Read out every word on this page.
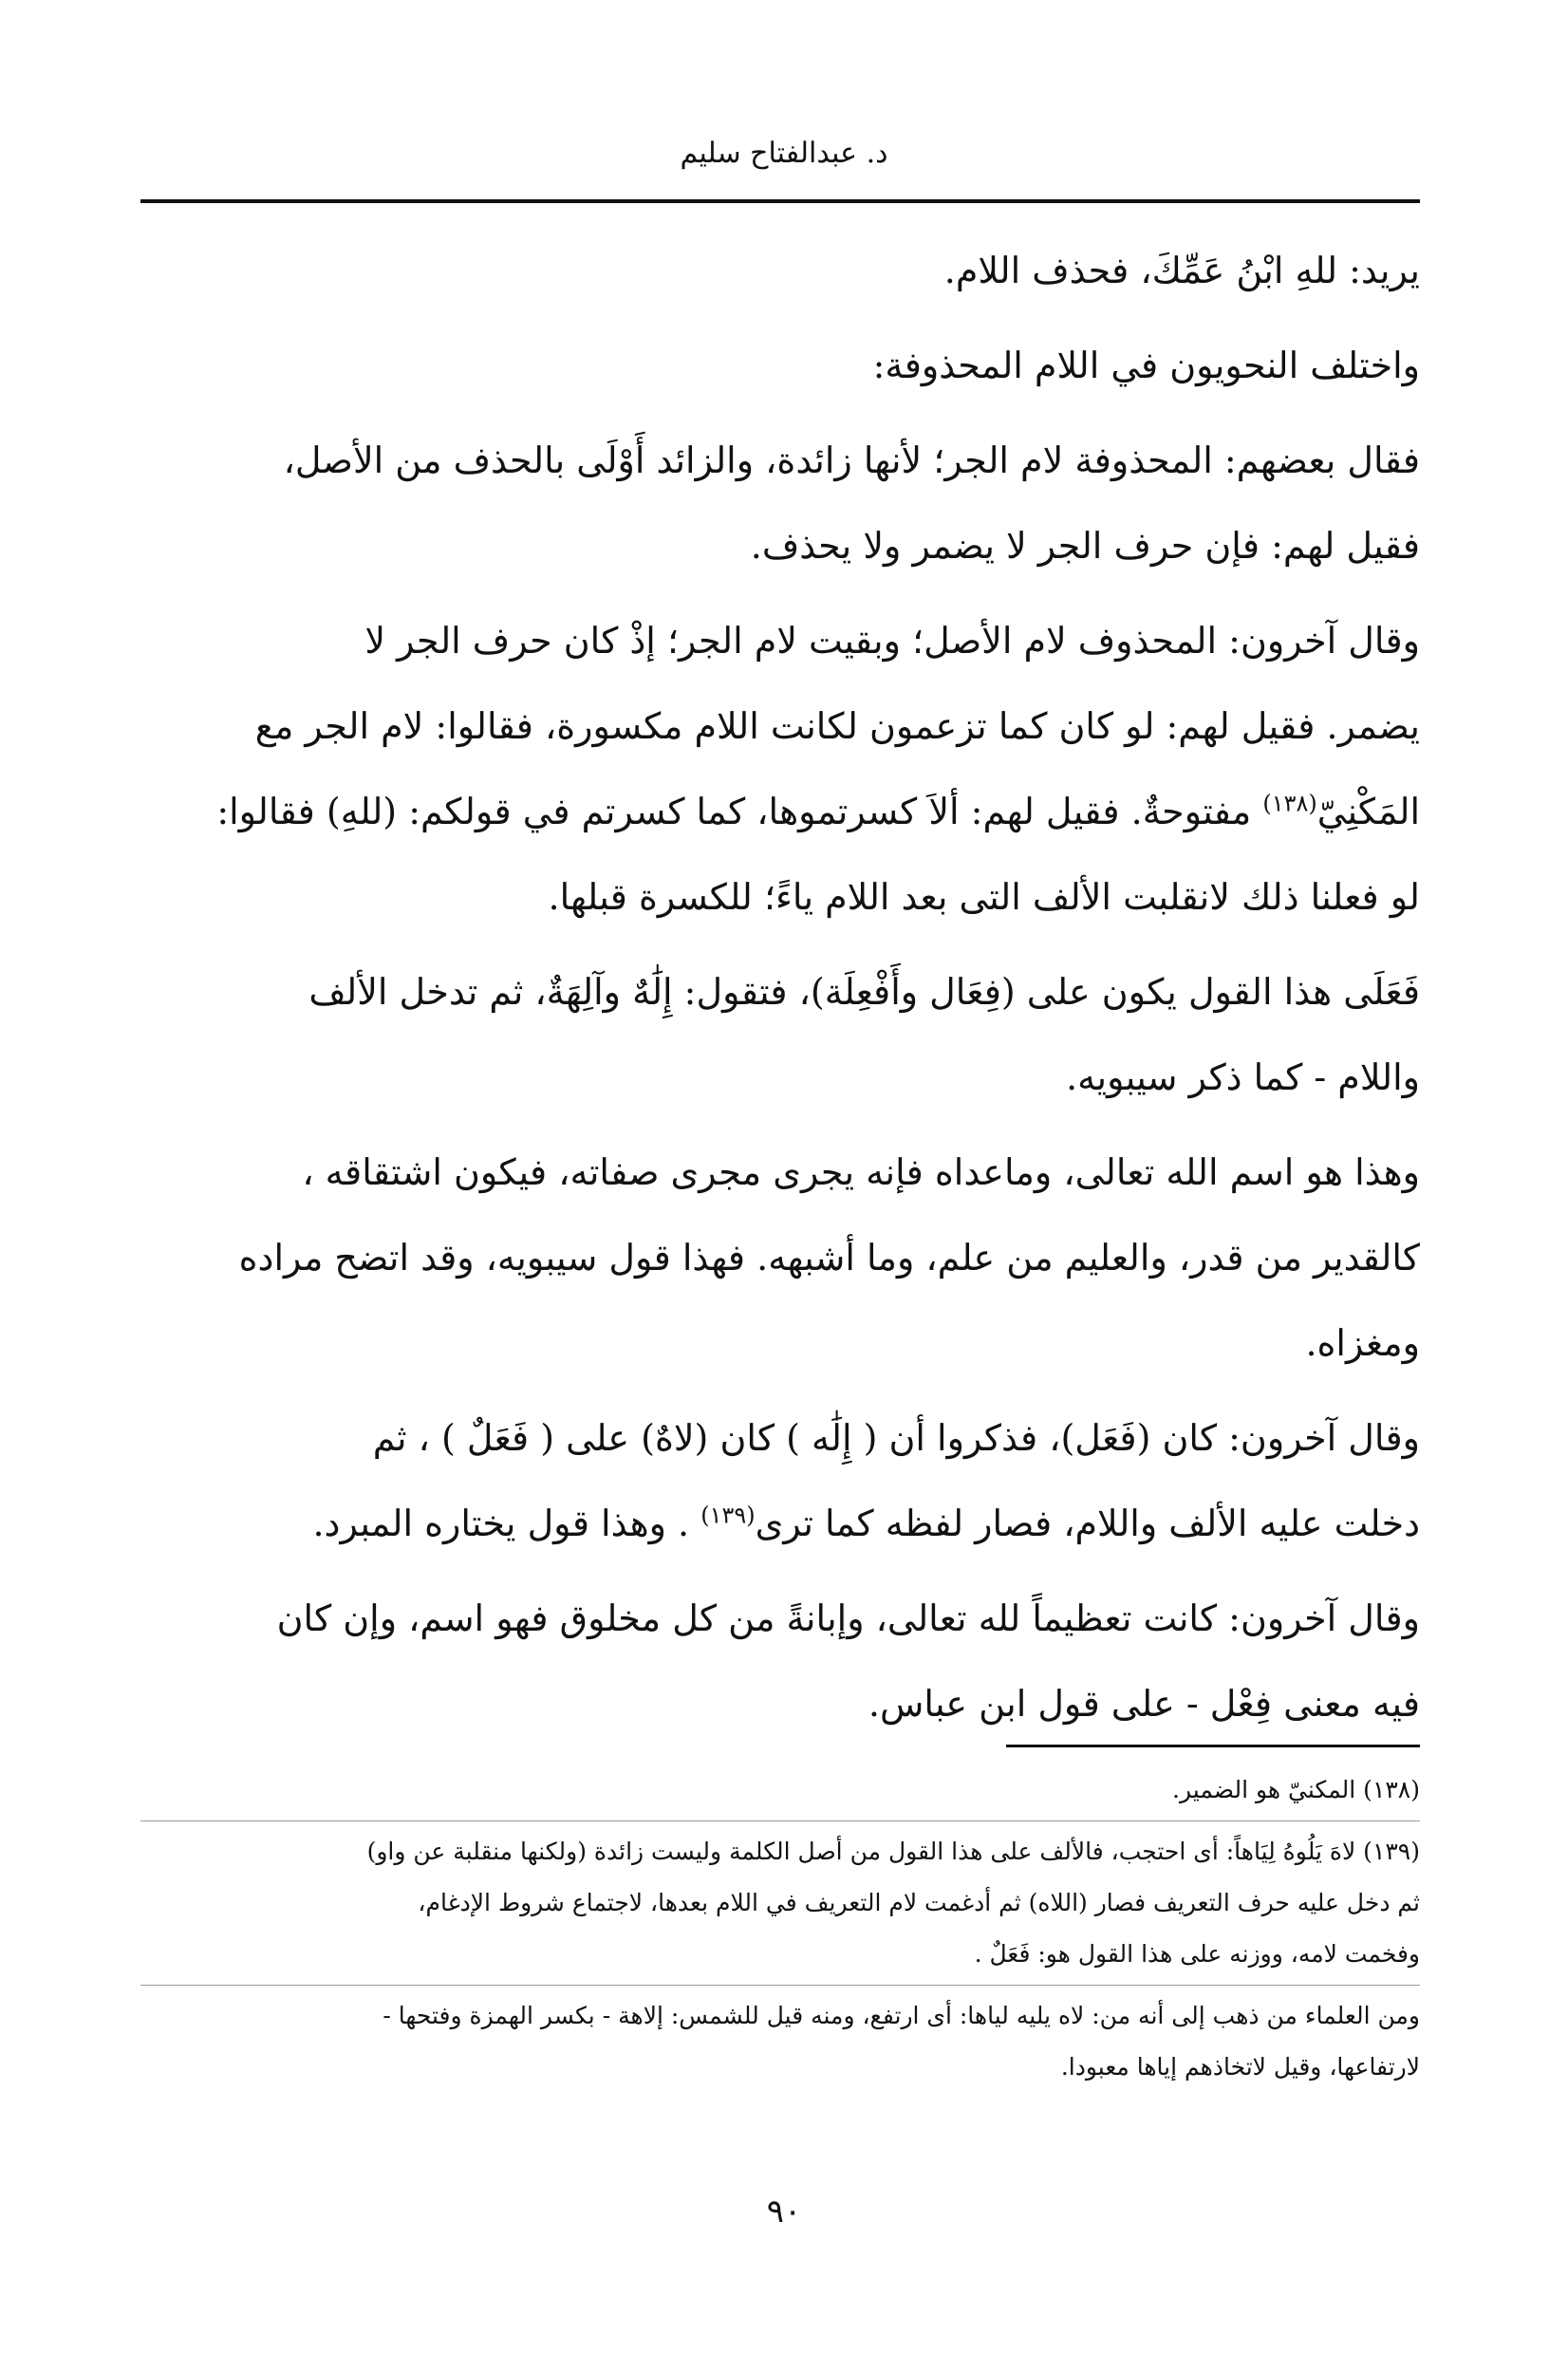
د. عبدالفتاح سليم

يريد: للهِ ابْنُ عَمِّكَ، فحذف اللام.

واختلف النحويون في اللام المحذوفة:

فقال بعضهم: المحذوفة لام الجر؛ لأنها زائدة، والزائد أَوْلَى بالحذف من الأصل،
فقيل لهم: فإن حرف الجر لا يضمر ولا يحذف.

وقال آخرون: المحذوف لام الأصل؛ وبقيت لام الجر؛ إذْ كان حرف الجر لا
يضمر. فقيل لهم: لو كان كما تزعمون لكانت اللام مكسورة، فقالوا: لام الجر مع
المَكْنِيّ$^{(١٣٨)}$ مفتوحةٌ. فقيل لهم: ألاَ كسرتموها، كما كسرتم في قولكم: (للهِ) فقالوا:
لو فعلنا ذلك لانقلبت الألف التى بعد اللام ياءً؛ للكسرة قبلها.

فَعَلَى هذا القول يكون على (فِعَال وأَفْعِلَة)، فتقول: إِلَٰهٌ وآلِهَةٌ، ثم تدخل الألف
واللام - كما ذكر سيبويه.

وهذا هو اسم الله تعالى، وماعداه فإنه يجرى مجرى صفاته، فيكون اشتقاقه ،
كالقدير من قدر، والعليم من علم، وما أشبهه. فهذا قول سيبويه، وقد اتضح مراده
ومغزاه.

وقال آخرون: كان (فَعَل)، فذكروا أن ( إِلَٰه ) كان (لاهٌ) على ( فَعَلٌ ) ، ثم
دخلت عليه الألف واللام، فصار لفظه كما ترى$^{(١٣٩)}$ . وهذا قول يختاره المبرد.

وقال آخرون: كانت تعظيماً لله تعالى، وإبانةً من كل مخلوق فهو اسم، وإن كان
فيه معنى فِعْل - على قول ابن عباس.

(١٣٨) المكنيّ هو الضمير.

(١٣٩) لاهَ يَلُوهُ لِيَاهاً: أى احتجب، فالألف على هذا القول من أصل الكلمة وليست زائدة (ولكنها منقلبة عن واو)

ثم دخل عليه حرف التعريف فصار (اللاه) ثم أدغمت لام التعريف في اللام بعدها، لاجتماع شروط الإدغام،

وفخمت لامه، ووزنه على هذا القول هو: فَعَلٌ .

ومن العلماء من ذهب إلى أنه من: لاه يليه لياها: أى ارتفع، ومنه قيل للشمس: إلاهة - بكسر الهمزة وفتحها -

لارتفاعها، وقيل لاتخاذهم إياها معبودا.

٩٠
